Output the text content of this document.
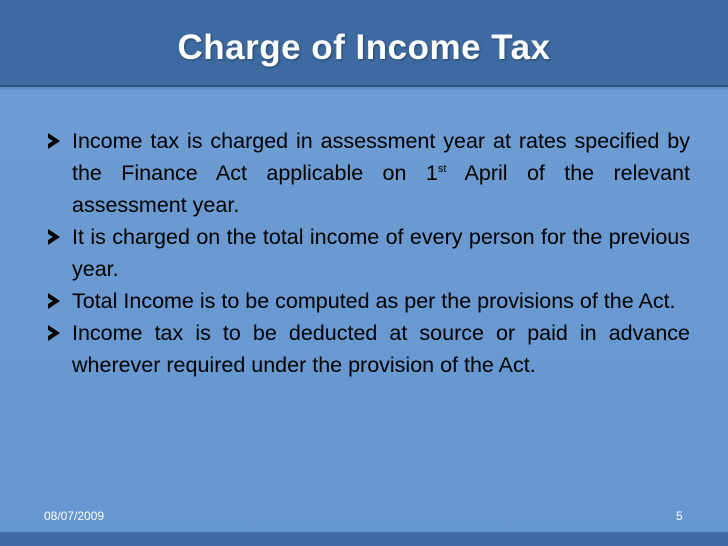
Charge of Income Tax
Income tax is charged in assessment year at rates specified by the Finance Act applicable on 1st April of the relevant assessment year.
It is charged on the total income of every person for the previous year.
Total Income is to be computed as per the provisions of the Act.
Income tax is to be deducted at source or paid in advance wherever required under the provision of the Act.
08/07/2009	5
